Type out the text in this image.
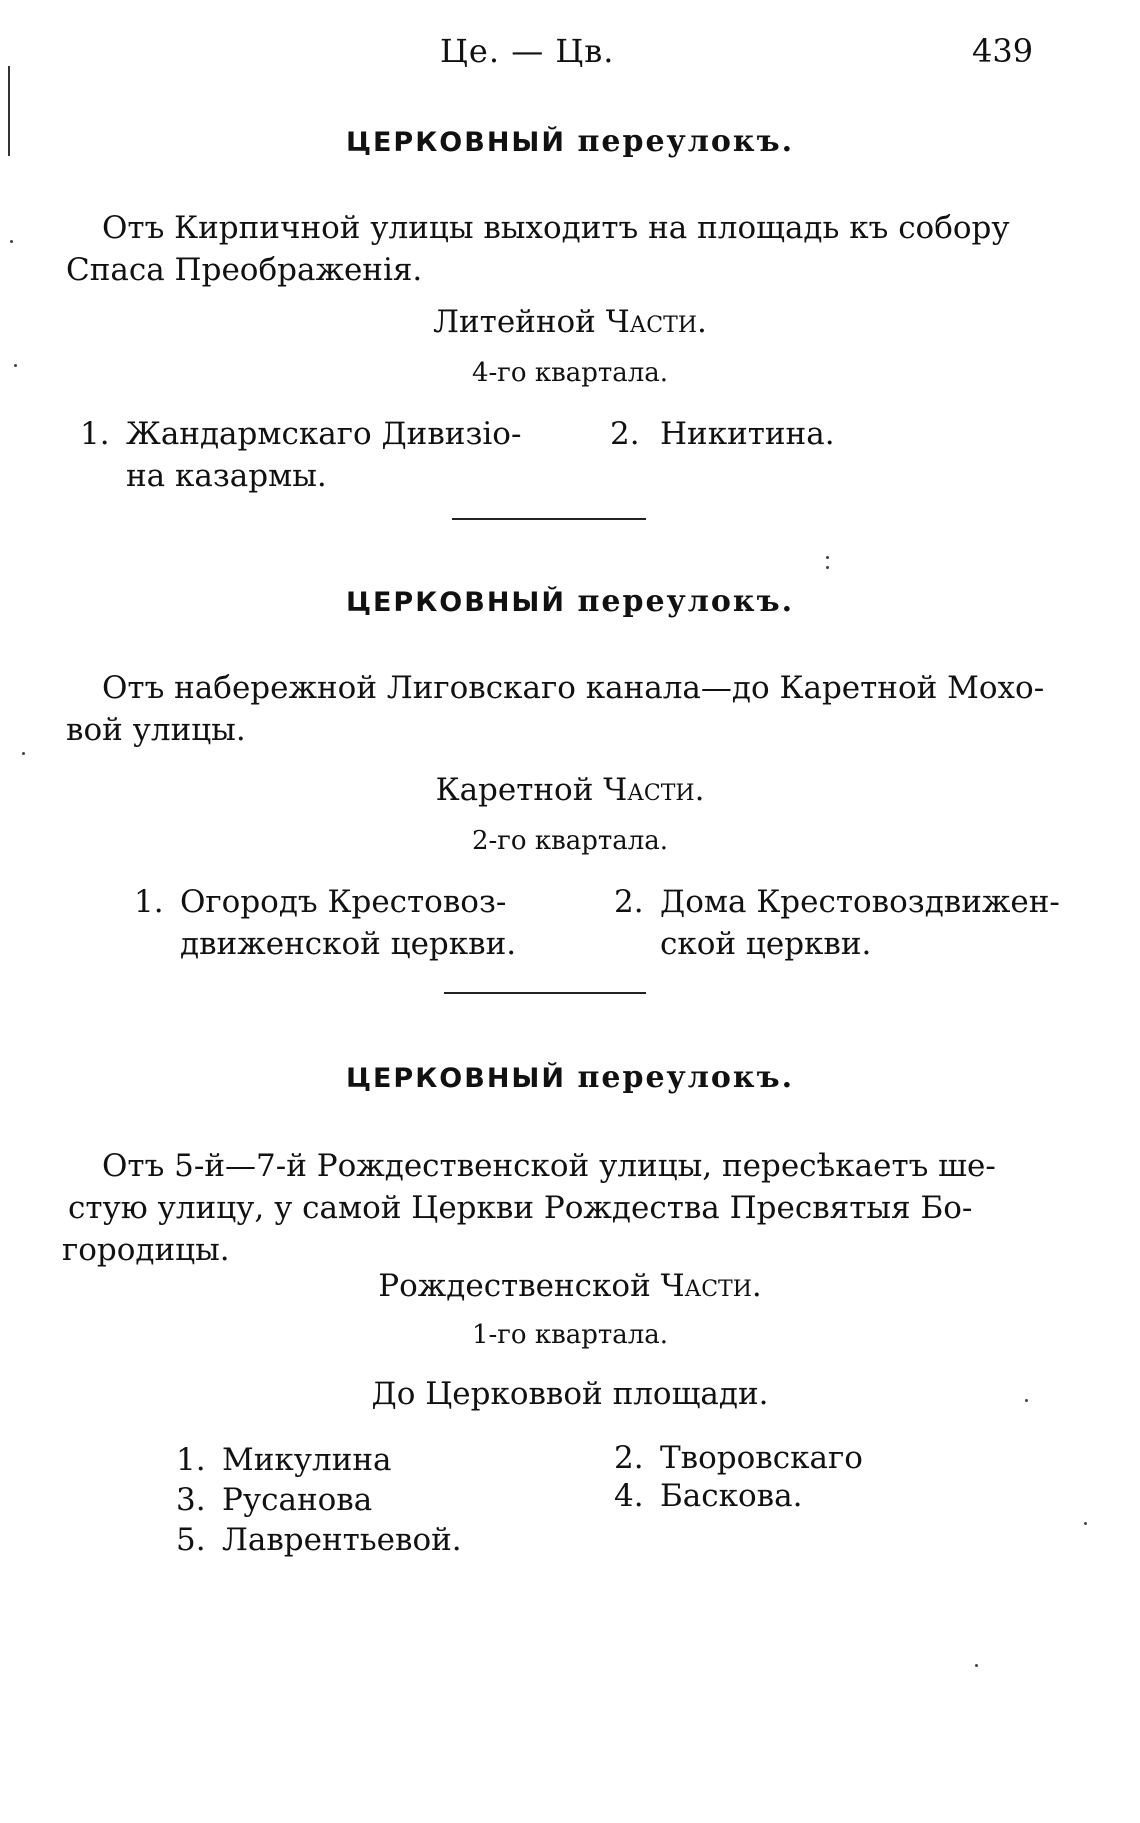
Це. — Цв.	439
ЦЕРКОВНЫЙ переулокъ.
Отъ Кирпичной улицы выходитъ на площадь къ собору
Спаса Преображенія.
Литейной Части.
4-го квартала.
1. Жандармскаго Дивизіо-
на казармы.
2. Никитина.
ЦЕРКОВНЫЙ переулокъ.
Отъ набережной Лиговскаго канала—до Каретной Мохо-
вой улицы.
Каретной Части.
2-го квартала.
1. Огородъ Крестовоз-
движенской церкви.
2. Дома Крестовоздвижен-
ской церкви.
ЦЕРКОВНЫЙ переулокъ.
Отъ 5-й—7-й Рождественской улицы, пересѣкаетъ ше-
стую улицу, у самой Церкви Рождества Пресвятыя Бо-
городицы.
Рождественской Части.
1-го квартала.
До Церковвой площади.
1. Микулина	2. Творовскаго
3. Русанова	4. Баскова.
5. Лаврентьевой.
